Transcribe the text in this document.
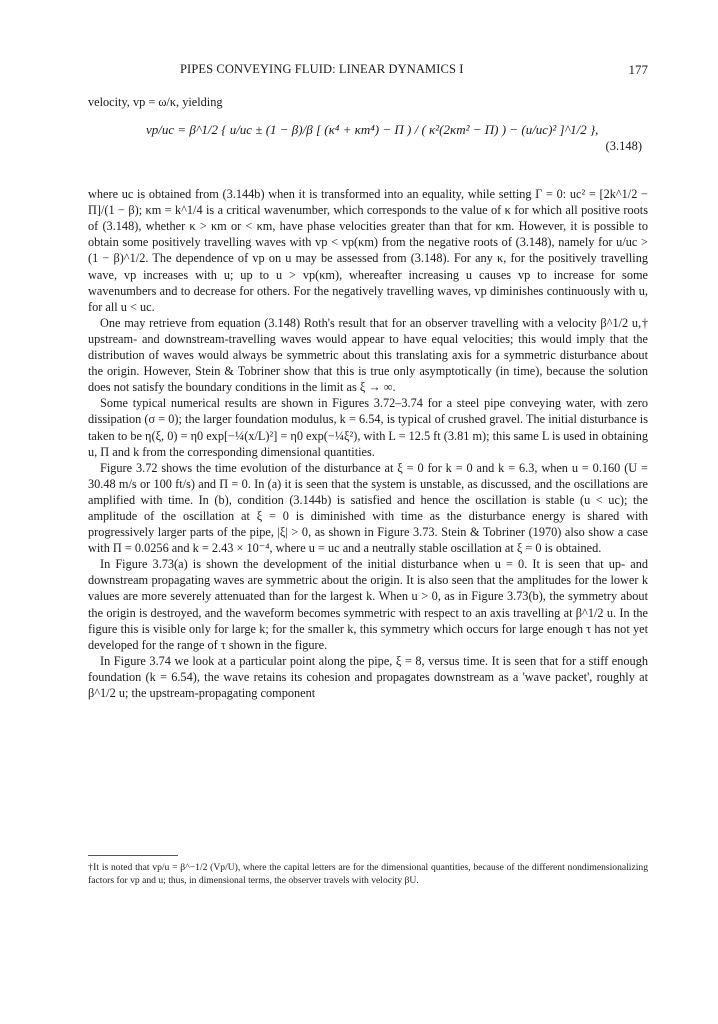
PIPES CONVEYING FLUID: LINEAR DYNAMICS I	177

velocity, vp = ω/κ, yielding

vp/uc = β^1/2 { u/uc ± (1 − β)/β [ (κ⁴ + κm⁴) − Π ) / ( κ²(2κm² − Π) ) − (u/uc)² ]^1/2 },
(3.148)

where uc is obtained from (3.144b) when it is transformed into an equality, while setting Γ = 0: uc² = [2k^1/2 − Π]/(1 − β); κm = k^1/4 is a critical wavenumber, which corresponds to the value of κ for which all positive roots of (3.148), whether κ > κm or < κm, have phase velocities greater than that for κm. However, it is possible to obtain some positively travelling waves with vp < vp(κm) from the negative roots of (3.148), namely for u/uc > (1 − β)^1/2. The dependence of vp on u may be assessed from (3.148). For any κ, for the positively travelling wave, vp increases with u; up to u > vp(κm), whereafter increasing u causes vp to increase for some wavenumbers and to decrease for others. For the negatively travelling waves, vp diminishes continuously with u, for all u < uc.

One may retrieve from equation (3.148) Roth's result that for an observer travelling with a velocity β^1/2 u,† upstream- and downstream-travelling waves would appear to have equal velocities; this would imply that the distribution of waves would always be symmetric about this translating axis for a symmetric disturbance about the origin. However, Stein & Tobriner show that this is true only asymptotically (in time), because the solution does not satisfy the boundary conditions in the limit as ξ → ∞.

Some typical numerical results are shown in Figures 3.72–3.74 for a steel pipe conveying water, with zero dissipation (σ = 0); the larger foundation modulus, k = 6.54, is typical of crushed gravel. The initial disturbance is taken to be η(ξ, 0) = η0 exp[−¼(x/L)²] = η0 exp(−¼ξ²), with L = 12.5 ft (3.81 m); this same L is used in obtaining u, Π and k from the corresponding dimensional quantities.

Figure 3.72 shows the time evolution of the disturbance at ξ = 0 for k = 0 and k = 6.3, when u = 0.160 (U = 30.48 m/s or 100 ft/s) and Π = 0. In (a) it is seen that the system is unstable, as discussed, and the oscillations are amplified with time. In (b), condition (3.144b) is satisfied and hence the oscillation is stable (u < uc); the amplitude of the oscillation at ξ = 0 is diminished with time as the disturbance energy is shared with progressively larger parts of the pipe, |ξ| > 0, as shown in Figure 3.73. Stein & Tobriner (1970) also show a case with Π = 0.0256 and k = 2.43 × 10⁻⁴, where u = uc and a neutrally stable oscillation at ξ = 0 is obtained.

In Figure 3.73(a) is shown the development of the initial disturbance when u = 0. It is seen that up- and downstream propagating waves are symmetric about the origin. It is also seen that the amplitudes for the lower k values are more severely attenuated than for the largest k. When u > 0, as in Figure 3.73(b), the symmetry about the origin is destroyed, and the waveform becomes symmetric with respect to an axis travelling at β^1/2 u. In the figure this is visible only for large k; for the smaller k, this symmetry which occurs for large enough τ has not yet developed for the range of τ shown in the figure.

In Figure 3.74 we look at a particular point along the pipe, ξ = 8, versus time. It is seen that for a stiff enough foundation (k = 6.54), the wave retains its cohesion and propagates downstream as a 'wave packet', roughly at β^1/2 u; the upstream-propagating component

†It is noted that vp/u = β^−1/2 (Vp/U), where the capital letters are for the dimensional quantities, because of the different nondimensionalizing factors for vp and u; thus, in dimensional terms, the observer travels with velocity βU.
